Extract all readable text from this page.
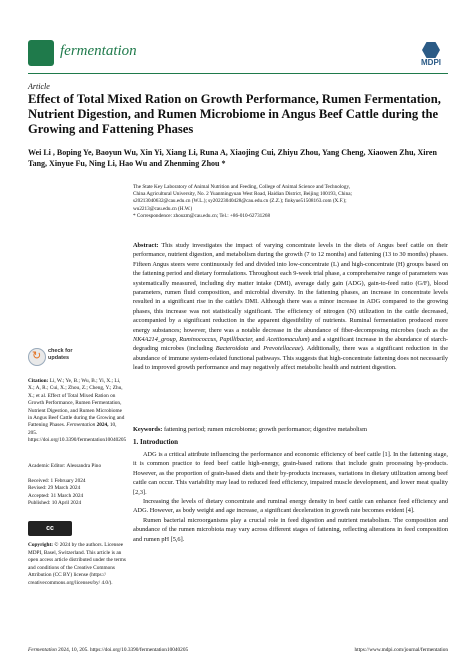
fermentation
MDPI
Article
Effect of Total Mixed Ration on Growth Performance, Rumen Fermentation, Nutrient Digestion, and Rumen Microbiome in Angus Beef Cattle during the Growing and Fattening Phases
Wei Li , Boping Ye, Baoyun Wu, Xin Yi, Xiang Li, Runa A, Xiaojing Cui, Zhiyu Zhou, Yang Cheng, Xiaowen Zhu, Xiren Tang, Xinyue Fu, Ning Li, Hao Wu and Zhenming Zhou *
The State Key Laboratory of Animal Nutrition and Feeding, College of Animal Science and Technology,
China Agricultural University, No. 2 Yuanmingyuan West Road, Haidian District, Beijing 100193, China;
s20213040632@cau.edu.cn (W.L.); sy20223040428@cau.edu.cn (Z.Z.); finkyue51508163.com (X.F.);
wu2213@cau.edu.cn (H.W.)
* Correspondence: zhouzm@cau.edu.cn; Tel.: +86-010-62731268
Abstract: This study investigates the impact of varying concentrate levels in the diets of Angus beef cattle on their performance, nutrient digestion, and metabolism during the growth (7 to 12 months) and fattening (13 to 30 months) phases. Fifteen Angus steers were continuously fed and divided into low-concentrate (L) and high-concentrate (H) groups based on the fattening period and dietary formulations. Throughout each 9-week trial phase, a comprehensive range of parameters was systematically measured, including dry matter intake (DMI), average daily gain (ADG), gain-to-feed ratio (G/F), blood parameters, rumen fluid composition, and microbial diversity. In the fattening phases, an increase in concentrate levels resulted in a significant rise in the cattle's DMI. Although there was a minor increase in ADG compared to the growing phases, this increase was not statistically significant. The efficiency of nitrogen (N) utilization in the cattle decreased, accompanied by a significant reduction in the apparent digestibility of nutrients. Ruminal fermentation produced more energy substances; however, there was a notable decrease in the abundance of fiber-decomposing microbes (such as the NK4A214_group, Ruminococcus, Papillibacter, and Acetitomaculum) and a significant increase in the abundance of starch-degrading microbes (including Bacteroidota and Prevotellaceae). Additionally, there was a significant reduction in the abundance of immune system-related functional pathways. This suggests that high-concentrate fattening does not necessarily lead to improved growth performance and may negatively affect metabolic health and nutrient digestion.
Keywords: fattening period; rumen microbiome; growth performance; digestive metabolism
1. Introduction

ADG is a critical attribute influencing the performance and economic efficiency of beef cattle [1]. In the fattening stage, it is common practice to feed beef cattle high-energy, grain-based rations that include grain processing by-products. However, as the proportion of grain-based diets and their by-products increases, variations in dietary utilization among beef cattle can occur. This variability may lead to reduced feed efficiency, impaired muscle development, and lower meat quality [2,3].

Increasing the levels of dietary concentrate and ruminal energy density in beef cattle can enhance feed efficiency and ADG. However, as body weight and age increase, a significant deceleration in growth rate becomes evident [4].

Rumen bacterial microorganisms play a crucial role in feed digestion and nutrient metabolism. The composition and abundance of the rumen microbiota may vary across different stages of fattening, reflecting alterations in feed composition and rumen pH [5,6].

↻ check for
updates
Citation: Li, W.; Ye, B.; Wu, B.; Yi, X.; Li, X.; A, R.; Cui, X.; Zhou, Z.; Cheng, Y.; Zhu, X.; et al. Effect of Total Mixed Ration on Growth Performance, Rumen Fermentation, Nutrient Digestion, and Rumen Microbiome in Angus Beef Cattle during the Growing and Fattening Phases. Fermentation 2024, 10, 205. https://doi.org/10.3390/fermentation10040205
Academic Editor: Alessandra Pino
Received: 1 February 2024
Revised: 29 March 2024
Accepted: 31 March 2024
Published: 10 April 2024
cc
Copyright: © 2024 by the authors. Licensee MDPI, Basel, Switzerland. This article is an open access article distributed under the terms and conditions of the Creative Commons Attribution (CC BY) license (https:// creativecommons.org/licenses/by/ 4.0/).
Fermentation 2024, 10, 205. https://doi.org/10.3390/fermentation10040205	https://www.mdpi.com/journal/fermentation
